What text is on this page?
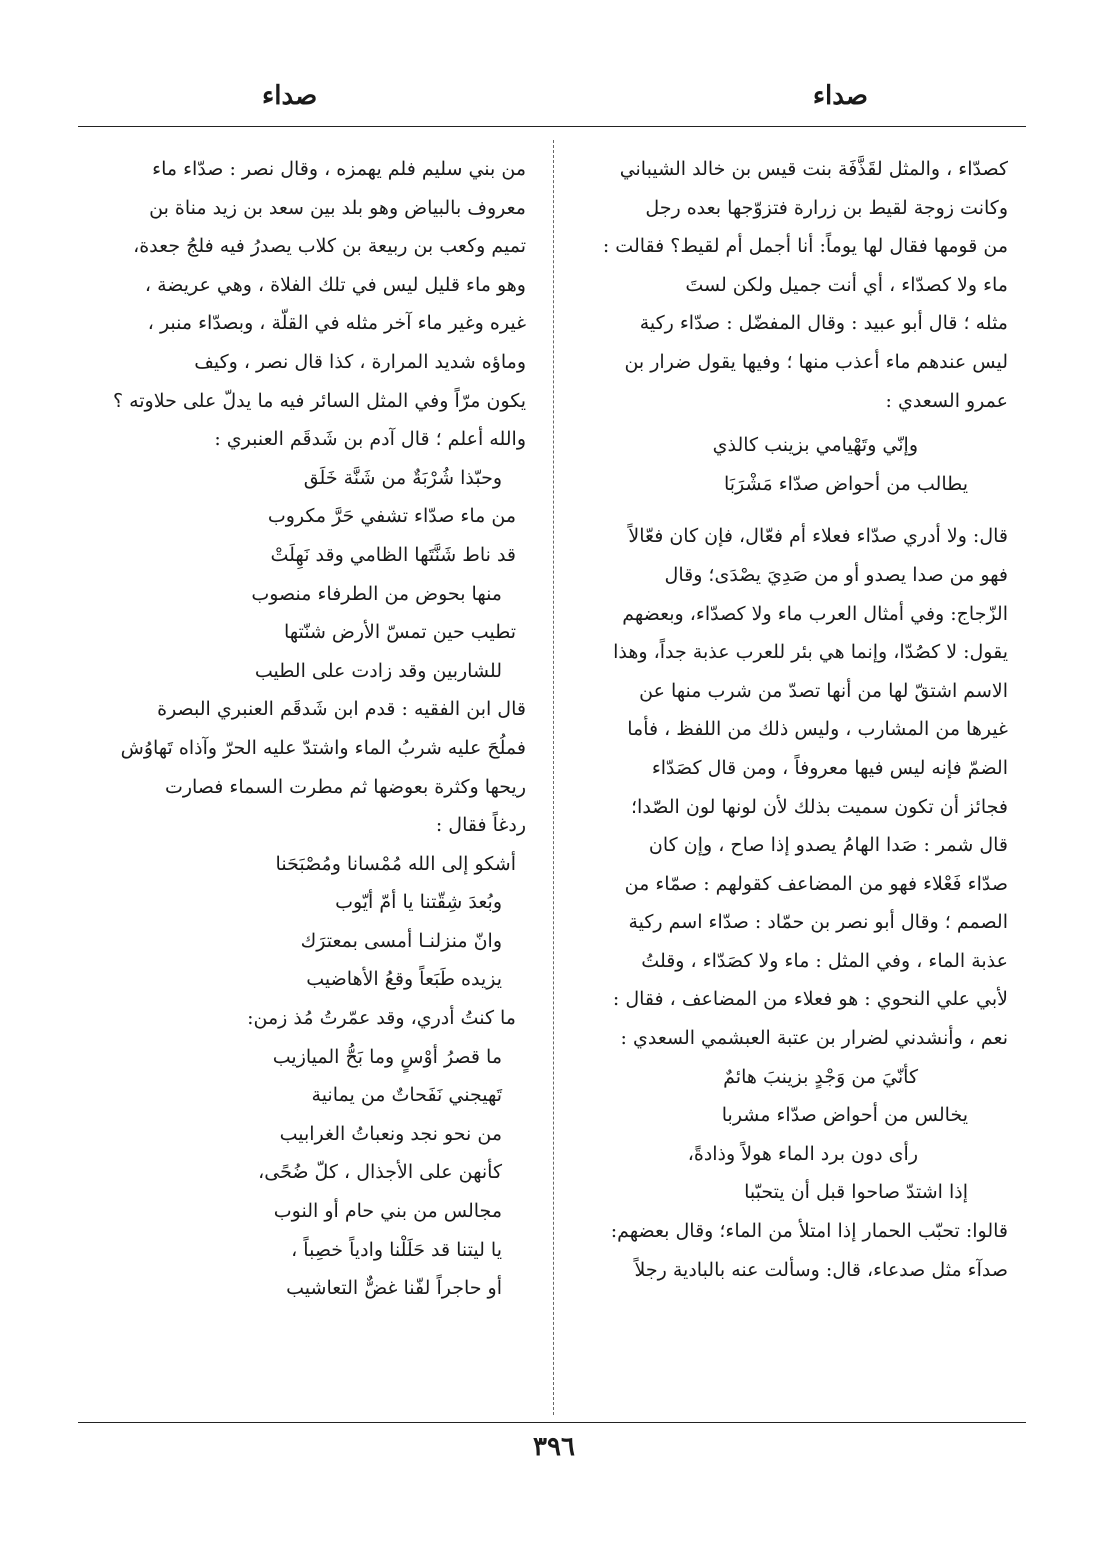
صداء
صداء
كصدّاء ، والمثل لقَذَّفَة بنت قيس بن خالد الشيباني
وكانت زوجة لقيط بن زرارة فتزوّجها بعده رجل
من قومها فقال لها يوماً: أنا أجمل أم لقيط؟ فقالت :
ماء ولا كصدّاء ، أي أنت جميل ولكن لستَ
مثله ؛ قال أبو عبيد : وقال المفضّل : صدّاء ركية
ليس عندهم ماء أعذب منها ؛ وفيها يقول ضرار بن
عمرو السعدي :
وإنّي وتَهْيامي بزينب كالذي
يطالب من أحواض صدّاء مَشْرَبَا
قال: ولا أدري صدّاء فعلاء أم فعّال، فإن كان فعّالاً
فهو من صدا يصدو أو من صَدِيَ يصْدَى؛ وقال
الزّجاج: وفي أمثال العرب ماء ولا كصدّاء، وبعضهم
يقول: لا كصُدّا، وإنما هي بئر للعرب عذبة جداً، وهذا
الاسم اشتقّ لها من أنها تصدّ من شرب منها عن
غيرها من المشارب ، وليس ذلك من اللفظ ، فأما
الضمّ فإنه ليس فيها معروفاً ، ومن قال كصَدّاء
فجائز أن تكون سميت بذلك لأن لونها لون الصّدا؛
قال شمر : صَدا الهامُ يصدو إذا صاح ، وإن كان
صدّاء فَعْلاء فهو من المضاعف كقولهم : صمّاء من
الصمم ؛ وقال أبو نصر بن حمّاد : صدّاء اسم ركية
عذبة الماء ، وفي المثل : ماء ولا كصَدّاء ، وقلتُ
لأبي علي النحوي : هو فعلاء من المضاعف ، فقال :
نعم ، وأنشدني لضرار بن عتبة العبشمي السعدي :
كأنّيَ من وَجْدٍ بزينبَ هائمٌ
يخالس من أحواض صدّاء مشربا
رأى دون برد الماء هولاً وذادةً،
إذا اشتدّ صاحوا قبل أن يتحبّبا
قالوا: تحبّب الحمار إذا امتلأ من الماء؛ وقال بعضهم:
صدآء مثل صدعاء، قال: وسألت عنه بالبادية رجلاً
من بني سليم فلم يهمزه ، وقال نصر : صدّاء ماء
معروف بالبياض وهو بلد بين سعد بن زيد مناة بن
تميم وكعب بن ربيعة بن كلاب يصدرُ فيه فلجُ جعدة،
وهو ماء قليل ليس في تلك الفلاة ، وهي عريضة ،
غيره وغير ماء آخر مثله في القلّة ، وبصدّاء منبر ،
وماؤه شديد المرارة ، كذا قال نصر ، وكيف
يكون مرّاً وفي المثل السائر فيه ما يدلّ على حلاوته ؟
والله أعلم ؛ قال آدم بن شَدقَم العنبري :
وحبّذا شُرْبَةٌ من شَنَّة خَلَق
من ماء صدّاء تشفي حَرَّ مكروب
قد ناط شَنَّتَها الظامي وقد نَهِلَتْ
منها بحوض من الطرفاء منصوب
تطيب حين تمسّ الأرض شنّتها
للشاربين وقد زادت على الطيب
قال ابن الفقيه : قدم ابن شَدقَم العنبري البصرة
فملُحَ عليه شربُ الماء واشتدّ عليه الحرّ وآذاه تَهاوُش
ريحها وكثرة بعوضها ثم مطرت السماء فصارت
ردغاً فقال :
أشكو إلى الله مُمْسانا ومُصْبَحَنا
وبُعدَ شِقّتنا يا أمّ أيّوب
وانّ منزلنـا أمسى بمعترَك
يزيده طَبَعاً وقعُ الأهاضيب
ما كنتُ أدري، وقد عمّرتُ مُذ زمن:
ما قصرُ أوْسٍ وما بَحُّ الميازيب
تَهيجني نَفَحاتٌ من يمانية
من نحو نجد ونعباتُ الغرابيب
كأنهن على الأجذال ، كلّ ضُحًى،
مجالس من بني حام أو النوب
يا ليتنا قد حَلَلْنا وادياً خصِباً ،
أو حاجراً لفّنا غضٌّ التعاشيب
٣٩٦
